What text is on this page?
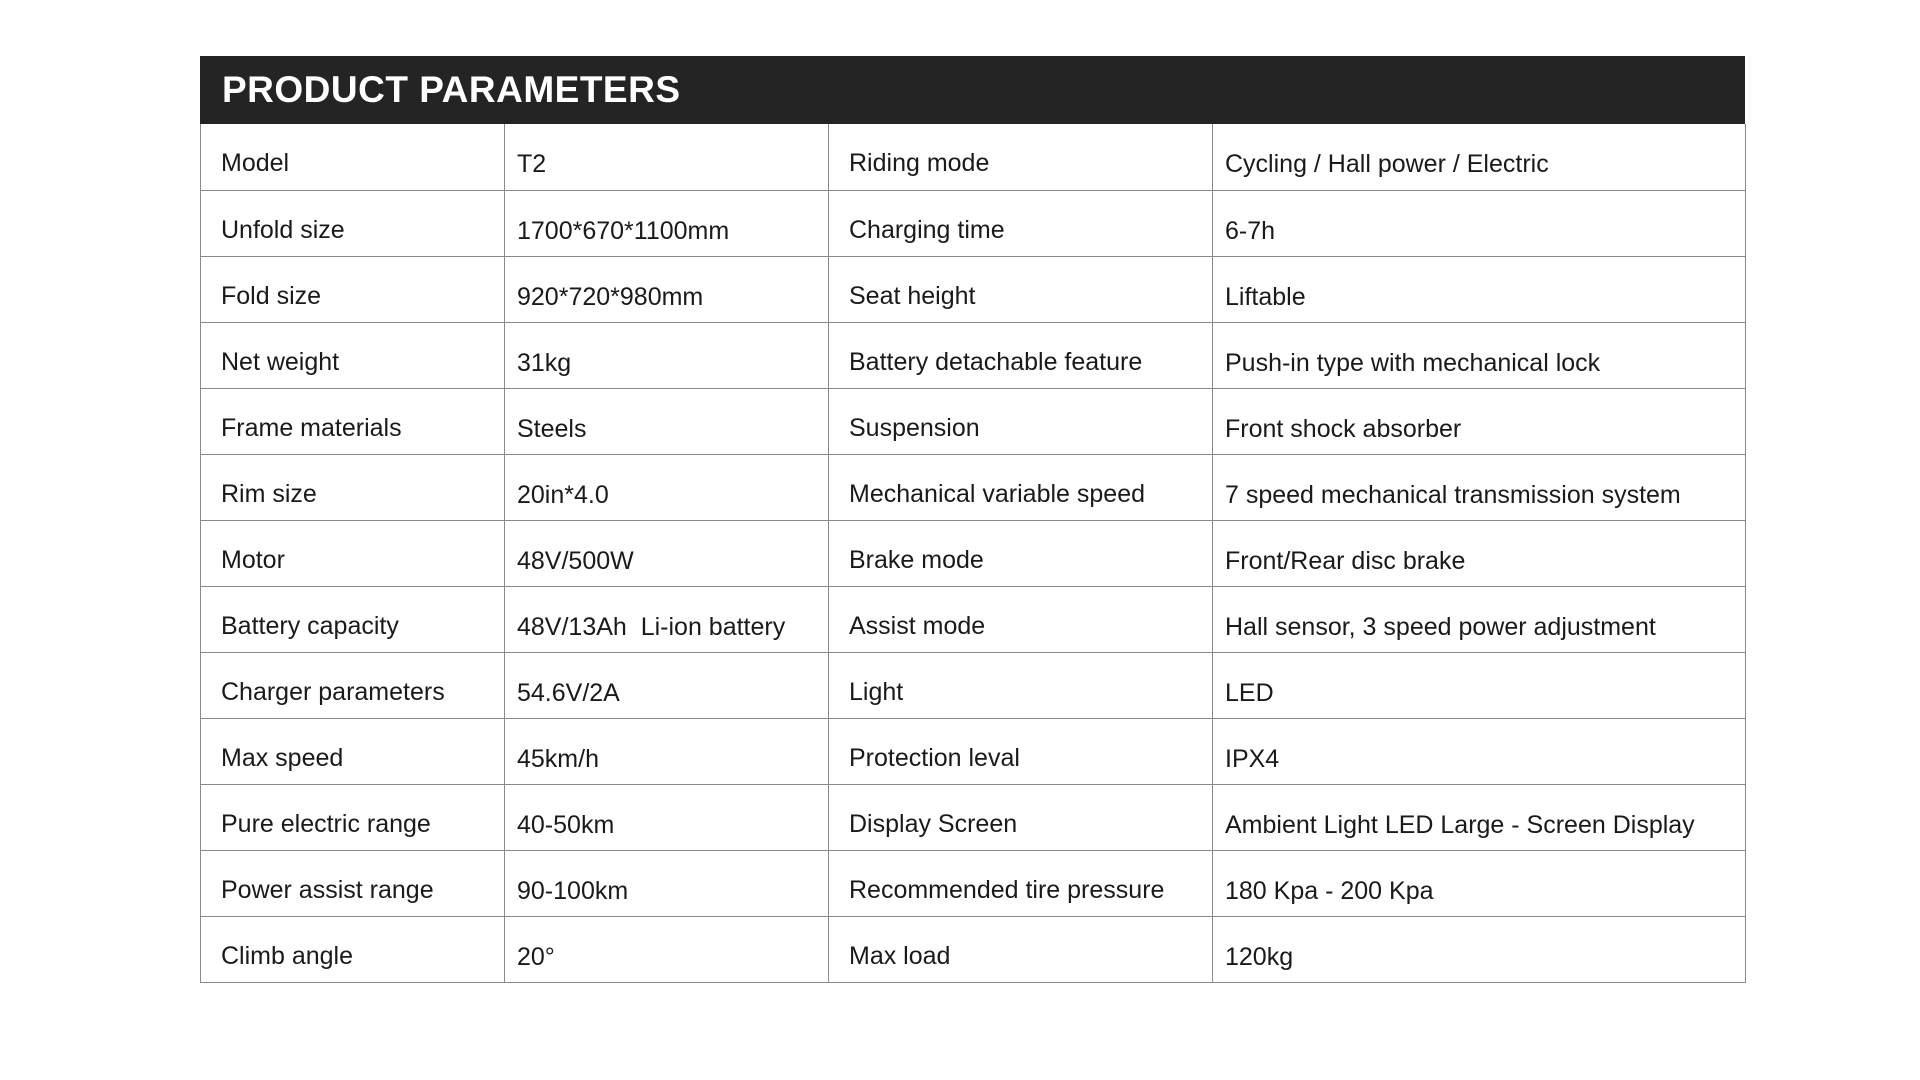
PRODUCT PARAMETERS
Model	T2	Riding mode	Cycling / Hall power / Electric
Unfold size	1700*670*1100mm	Charging time	6-7h
Fold size	920*720*980mm	Seat height	Liftable
Net weight	31kg	Battery detachable feature	Push-in type with mechanical lock
Frame materials	Steels	Suspension	Front shock absorber
Rim size	20in*4.0	Mechanical variable speed	7 speed mechanical transmission system
Motor	48V/500W	Brake mode	Front/Rear disc brake
Battery capacity	48V/13Ah  Li-ion battery	Assist mode	Hall sensor, 3 speed power adjustment
Charger parameters	54.6V/2A	Light	LED
Max speed	45km/h	Protection leval	IPX4
Pure electric range	40-50km	Display Screen	Ambient Light LED Large - Screen Display
Power assist range	90-100km	Recommended tire pressure	180 Kpa - 200 Kpa
Climb angle	20°	Max load	120kg
